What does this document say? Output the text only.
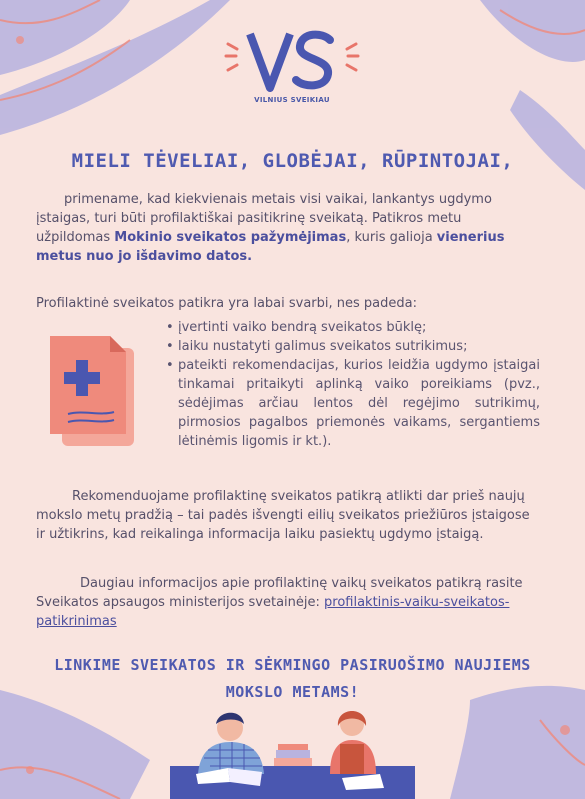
VILNIUS SVEIKIAU
MIELI TĖVELIAI, GLOBĖJAI, RŪPINTOJAI,
primename, kad kiekvienais metais visi vaikai, lankantys ugdymo įstaigas, turi būti profilaktiškai pasitikrinę sveikatą. Patikros metu užpildomas Mokinio sveikatos pažymėjimas, kuris galioja vienerius metus nuo jo išdavimo datos.
Profilaktinė sveikatos patikra yra labai svarbi, nes padeda:
• įvertinti vaiko bendrą sveikatos būklę;
• laiku nustatyti galimus sveikatos sutrikimus;
• pateikti rekomendacijas, kurios leidžia ugdymo įstaigai tinkamai pritaikyti aplinką vaiko poreikiams (pvz., sėdėjimas arčiau lentos dėl regėjimo sutrikimų, pirmosios pagalbos priemonės vaikams, sergantiems lėtinėmis ligomis ir kt.).
Rekomenduojame profilaktinę sveikatos patikrą atlikti dar prieš naujų mokslo metų pradžią – tai padės išvengti eilių sveikatos priežiūros įstaigose ir užtikrins, kad reikalinga informacija laiku pasiektų ugdymo įstaigą.
Daugiau informacijos apie profilaktinę vaikų sveikatos patikrą rasite Sveikatos apsaugos ministerijos svetainėje: profilaktinis-vaiku-sveikatos-patikrinimas
LINKIME SVEIKATOS IR SĖKMINGO PASIRUOŠIMO NAUJIEMS
MOKSLO METAMS!
